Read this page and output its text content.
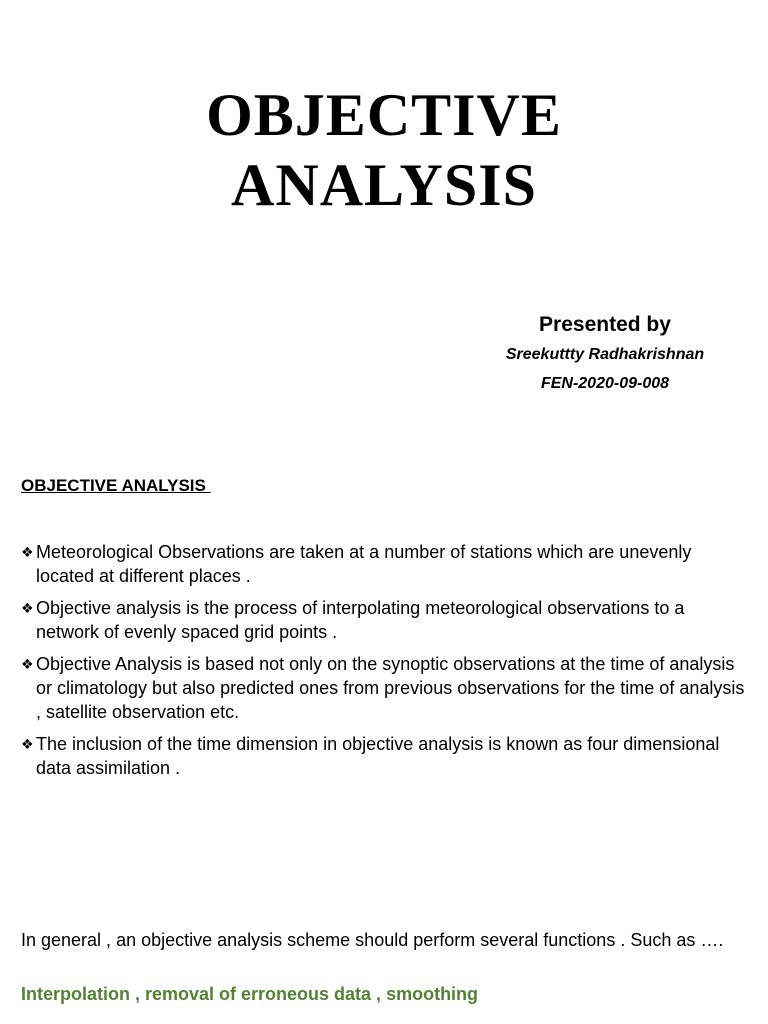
OBJECTIVE
ANALYSIS
Presented by
Sreekuttty Radhakrishnan
FEN-2020-09-008
OBJECTIVE ANALYSIS
❖ Meteorological Observations are taken at a number of stations which are unevenly located at different places .
❖ Objective analysis is the process of interpolating meteorological observations to a network of evenly spaced grid points .
❖ Objective Analysis is based not only on the synoptic observations at the time of analysis or climatology but also predicted ones from previous observations for the time of analysis , satellite observation etc.
❖ The inclusion of the time dimension in objective analysis is known as four dimensional data assimilation .
In general , an objective analysis scheme should perform several functions . Such as ….
Interpolation , removal of erroneous data , smoothing
